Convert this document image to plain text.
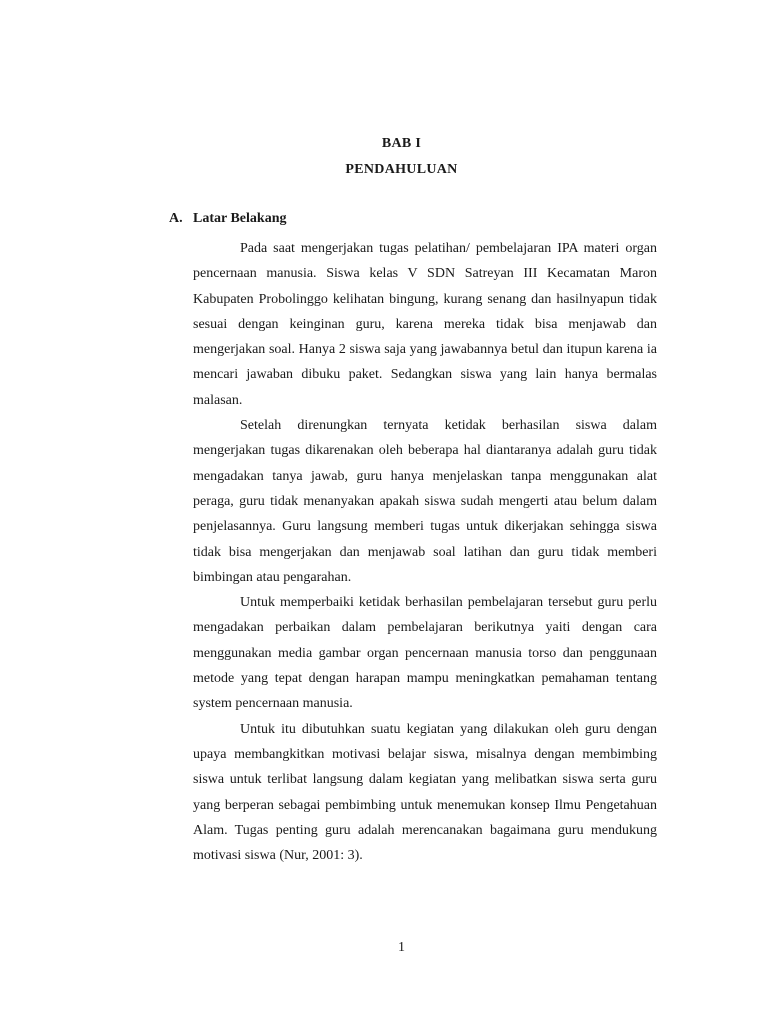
BAB I
PENDAHULUAN
A. Latar Belakang

Pada saat mengerjakan tugas pelatihan/ pembelajaran IPA materi organ pencernaan manusia. Siswa kelas V SDN Satreyan III Kecamatan Maron Kabupaten Probolinggo kelihatan bingung, kurang senang dan hasilnyapun tidak sesuai dengan keinginan guru, karena mereka tidak bisa menjawab dan mengerjakan soal. Hanya 2 siswa saja yang jawabannya betul dan itupun karena ia mencari jawaban dibuku paket. Sedangkan siswa yang lain hanya bermalas malasan.

Setelah direnungkan ternyata ketidak berhasilan siswa dalam mengerjakan tugas dikarenakan oleh beberapa hal diantaranya adalah guru tidak mengadakan tanya jawab, guru hanya menjelaskan tanpa menggunakan alat peraga, guru tidak menanyakan apakah siswa sudah mengerti atau belum dalam penjelasannya. Guru langsung memberi tugas untuk dikerjakan sehingga siswa tidak bisa mengerjakan dan menjawab soal latihan dan guru tidak memberi bimbingan atau pengarahan.

Untuk memperbaiki ketidak berhasilan pembelajaran tersebut guru perlu mengadakan perbaikan dalam pembelajaran berikutnya yaiti dengan cara menggunakan media gambar organ pencernaan manusia torso dan penggunaan metode yang tepat dengan harapan mampu meningkatkan pemahaman tentang system pencernaan manusia.

Untuk itu dibutuhkan suatu kegiatan yang dilakukan oleh guru dengan upaya membangkitkan motivasi belajar siswa, misalnya dengan membimbing siswa untuk terlibat langsung dalam kegiatan yang melibatkan siswa serta guru yang berperan sebagai pembimbing untuk menemukan konsep Ilmu Pengetahuan Alam. Tugas penting guru adalah merencanakan bagaimana guru mendukung motivasi siswa (Nur, 2001: 3).

1
